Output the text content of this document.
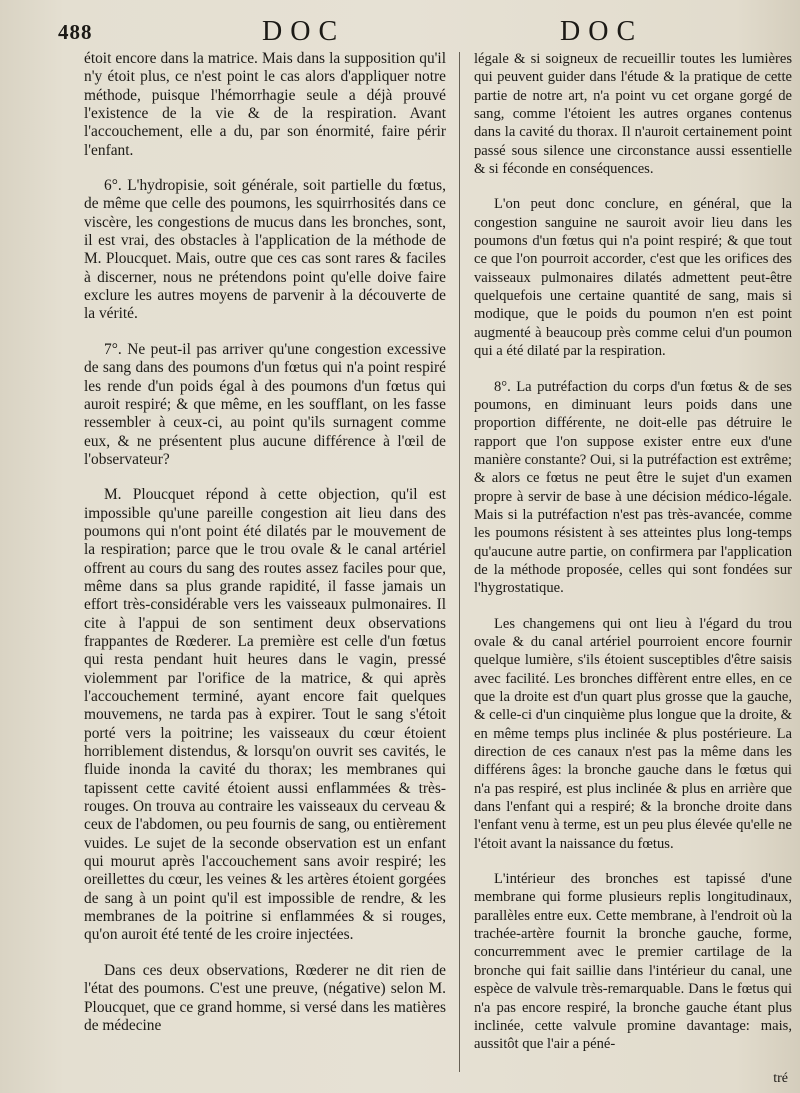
488	DOC	DOC

étoit encore dans la matrice. Mais dans la supposition qu'il n'y étoit plus, ce n'est point le cas alors d'appliquer notre méthode, puisque l'hémorrhagie seule a déjà prouvé l'existence de la vie & de la respiration. Avant l'accouchement, elle a du, par son énormité, faire périr l'enfant.

6°. L'hydropisie, soit générale, soit partielle du fœtus, de même que celle des poumons, les squirrhosités dans ce viscère, les congestions de mucus dans les bronches, sont, il est vrai, des obstacles à l'application de la méthode de M. Ploucquet. Mais, outre que ces cas sont rares & faciles à discerner, nous ne prétendons point qu'elle doive faire exclure les autres moyens de parvenir à la découverte de la vérité.

7°. Ne peut-il pas arriver qu'une congestion excessive de sang dans des poumons d'un fœtus qui n'a point respiré les rende d'un poids égal à des poumons d'un fœtus qui auroit respiré; & que même, en les soufflant, on les fasse ressembler à ceux-ci, au point qu'ils surnagent comme eux, & ne présentent plus aucune différence à l'œil de l'observateur?

M. Ploucquet répond à cette objection, qu'il est impossible qu'une pareille congestion ait lieu dans des poumons qui n'ont point été dilatés par le mouvement de la respiration; parce que le trou ovale & le canal artériel offrent au cours du sang des routes assez faciles pour que, même dans sa plus grande rapidité, il fasse jamais un effort très-considérable vers les vaisseaux pulmonaires. Il cite à l'appui de son sentiment deux observations frappantes de Rœderer. La première est celle d'un fœtus qui resta pendant huit heures dans le vagin, pressé violemment par l'orifice de la matrice, & qui après l'accouchement terminé, ayant encore fait quelques mouvemens, ne tarda pas à expirer. Tout le sang s'étoit porté vers la poitrine; les vaisseaux du cœur étoient horriblement distendus, & lorsqu'on ouvrit ses cavités, le fluide inonda la cavité du thorax; les membranes qui tapissent cette cavité étoient aussi enflammées & très-rouges. On trouva au contraire les vaisseaux du cerveau & ceux de l'abdomen, ou peu fournis de sang, ou entièrement vuides. Le sujet de la seconde observation est un enfant qui mourut après l'accouchement sans avoir respiré; les oreillettes du cœur, les veines & les artères étoient gorgées de sang à un point qu'il est impossible de rendre, & les membranes de la poitrine si enflammées & si rouges, qu'on auroit été tenté de les croire injectées.

Dans ces deux observations, Rœderer ne dit rien de l'état des poumons. C'est une preuve, (négative) selon M. Ploucquet, que ce grand homme, si versé dans les matières de médecine

légale & si soigneux de recueillir toutes les lumières qui peuvent guider dans l'étude & la pratique de cette partie de notre art, n'a point vu cet organe gorgé de sang, comme l'étoient les autres organes contenus dans la cavité du thorax. Il n'auroit certainement point passé sous silence une circonstance aussi essentielle & si féconde en conséquences.

L'on peut donc conclure, en général, que la congestion sanguine ne sauroit avoir lieu dans les poumons d'un fœtus qui n'a point respiré; & que tout ce que l'on pourroit accorder, c'est que les orifices des vaisseaux pulmonaires dilatés admettent peut-être quelquefois une certaine quantité de sang, mais si modique, que le poids du poumon n'en est point augmenté à beaucoup près comme celui d'un poumon qui a été dilaté par la respiration.

8°. La putréfaction du corps d'un fœtus & de ses poumons, en diminuant leurs poids dans une proportion différente, ne doit-elle pas détruire le rapport que l'on suppose exister entre eux d'une manière constante? Oui, si la putréfaction est extrême; & alors ce fœtus ne peut être le sujet d'un examen propre à servir de base à une décision médico-légale. Mais si la putréfaction n'est pas très-avancée, comme les poumons résistent à ses atteintes plus long-temps qu'aucune autre partie, on confirmera par l'application de la méthode proposée, celles qui sont fondées sur l'hygrostatique.

Les changemens qui ont lieu à l'égard du trou ovale & du canal artériel pourroient encore fournir quelque lumière, s'ils étoient susceptibles d'être saisis avec facilité. Les bronches diffèrent entre elles, en ce que la droite est d'un quart plus grosse que la gauche, & celle-ci d'un cinquième plus longue que la droite, & en même temps plus inclinée & plus postérieure. La direction de ces canaux n'est pas la même dans les différens âges: la bronche gauche dans le fœtus qui n'a pas respiré, est plus inclinée & plus en arrière que dans l'enfant qui a respiré; & la bronche droite dans l'enfant venu à terme, est un peu plus élevée qu'elle ne l'étoit avant la naissance du fœtus.

L'intérieur des bronches est tapissé d'une membrane qui forme plusieurs replis longitudinaux, parallèles entre eux. Cette membrane, à l'endroit où la trachée-artère fournit la bronche gauche, forme, concurremment avec le premier cartilage de la bronche qui fait saillie dans l'intérieur du canal, une espèce de valvule très-remarquable. Dans le fœtus qui n'a pas encore respiré, la bronche gauche étant plus inclinée, cette valvule promine davantage: mais, aussitôt que l'air a péné-

tré
